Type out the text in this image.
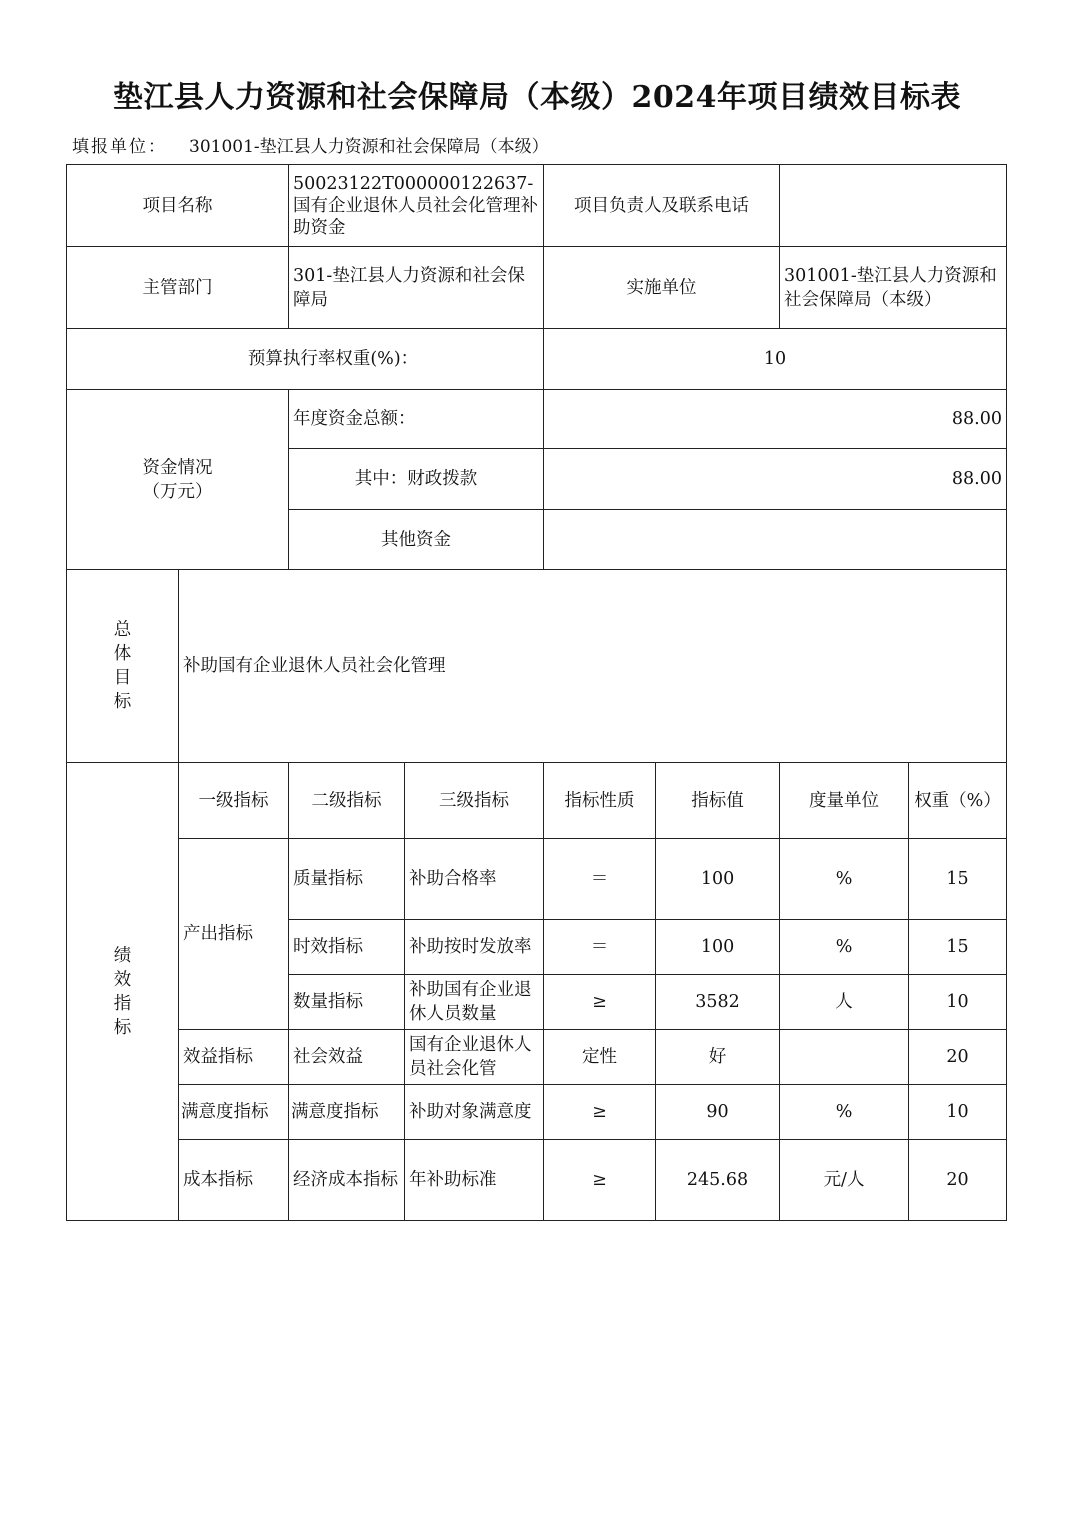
垫江县人力资源和社会保障局（本级）2024年项目绩效目标表
填报单位： 301001-垫江县人力资源和社会保障局（本级）
项目名称		50023122T000000122637-国有企业退休人员社会化管理补助资金		项目负责人及联系电话			
主管部门		301-垫江县人力资源和社会保障局		实施单位		301001-垫江县人力资源和社会保障局（本级）	
预算执行率权重(%)：				10			

资金情况
（万元）		年度资金总额：		88.00			
		其中：财政拨款		88.00			
		其他资金					

总
体
目
标	补助国有企业退休人员社会化管理						

绩
效
指
标	一级指标	二级指标	三级指标	指标性质	指标值	度量单位	权重（%）
	产出指标	质量指标	补助合格率	＝	100	%	15
		时效指标	补助按时发放率	＝	100	%	15
		数量指标	补助国有企业退休人员数量	≥	3582	人	10
	效益指标	社会效益	国有企业退休人员社会化管	定性	好		20
	满意度指标	满意度指标	补助对象满意度	≥	90	%	10
	成本指标	经济成本指标	年补助标准	≥	245.68	元/人	20
